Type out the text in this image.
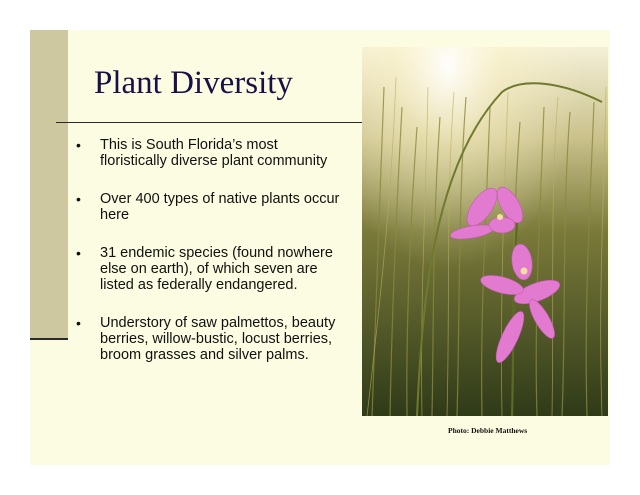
Plant Diversity
• This is South Florida’s most floristically diverse plant community
• Over 400 types of native plants occur here
• 31 endemic species (found nowhere else on earth), of which seven are listed as federally endangered.
• Understory of saw palmettos, beauty berries, willow-bustic, locust berries, broom grasses and silver palms.
Photo: Debbie Matthews
